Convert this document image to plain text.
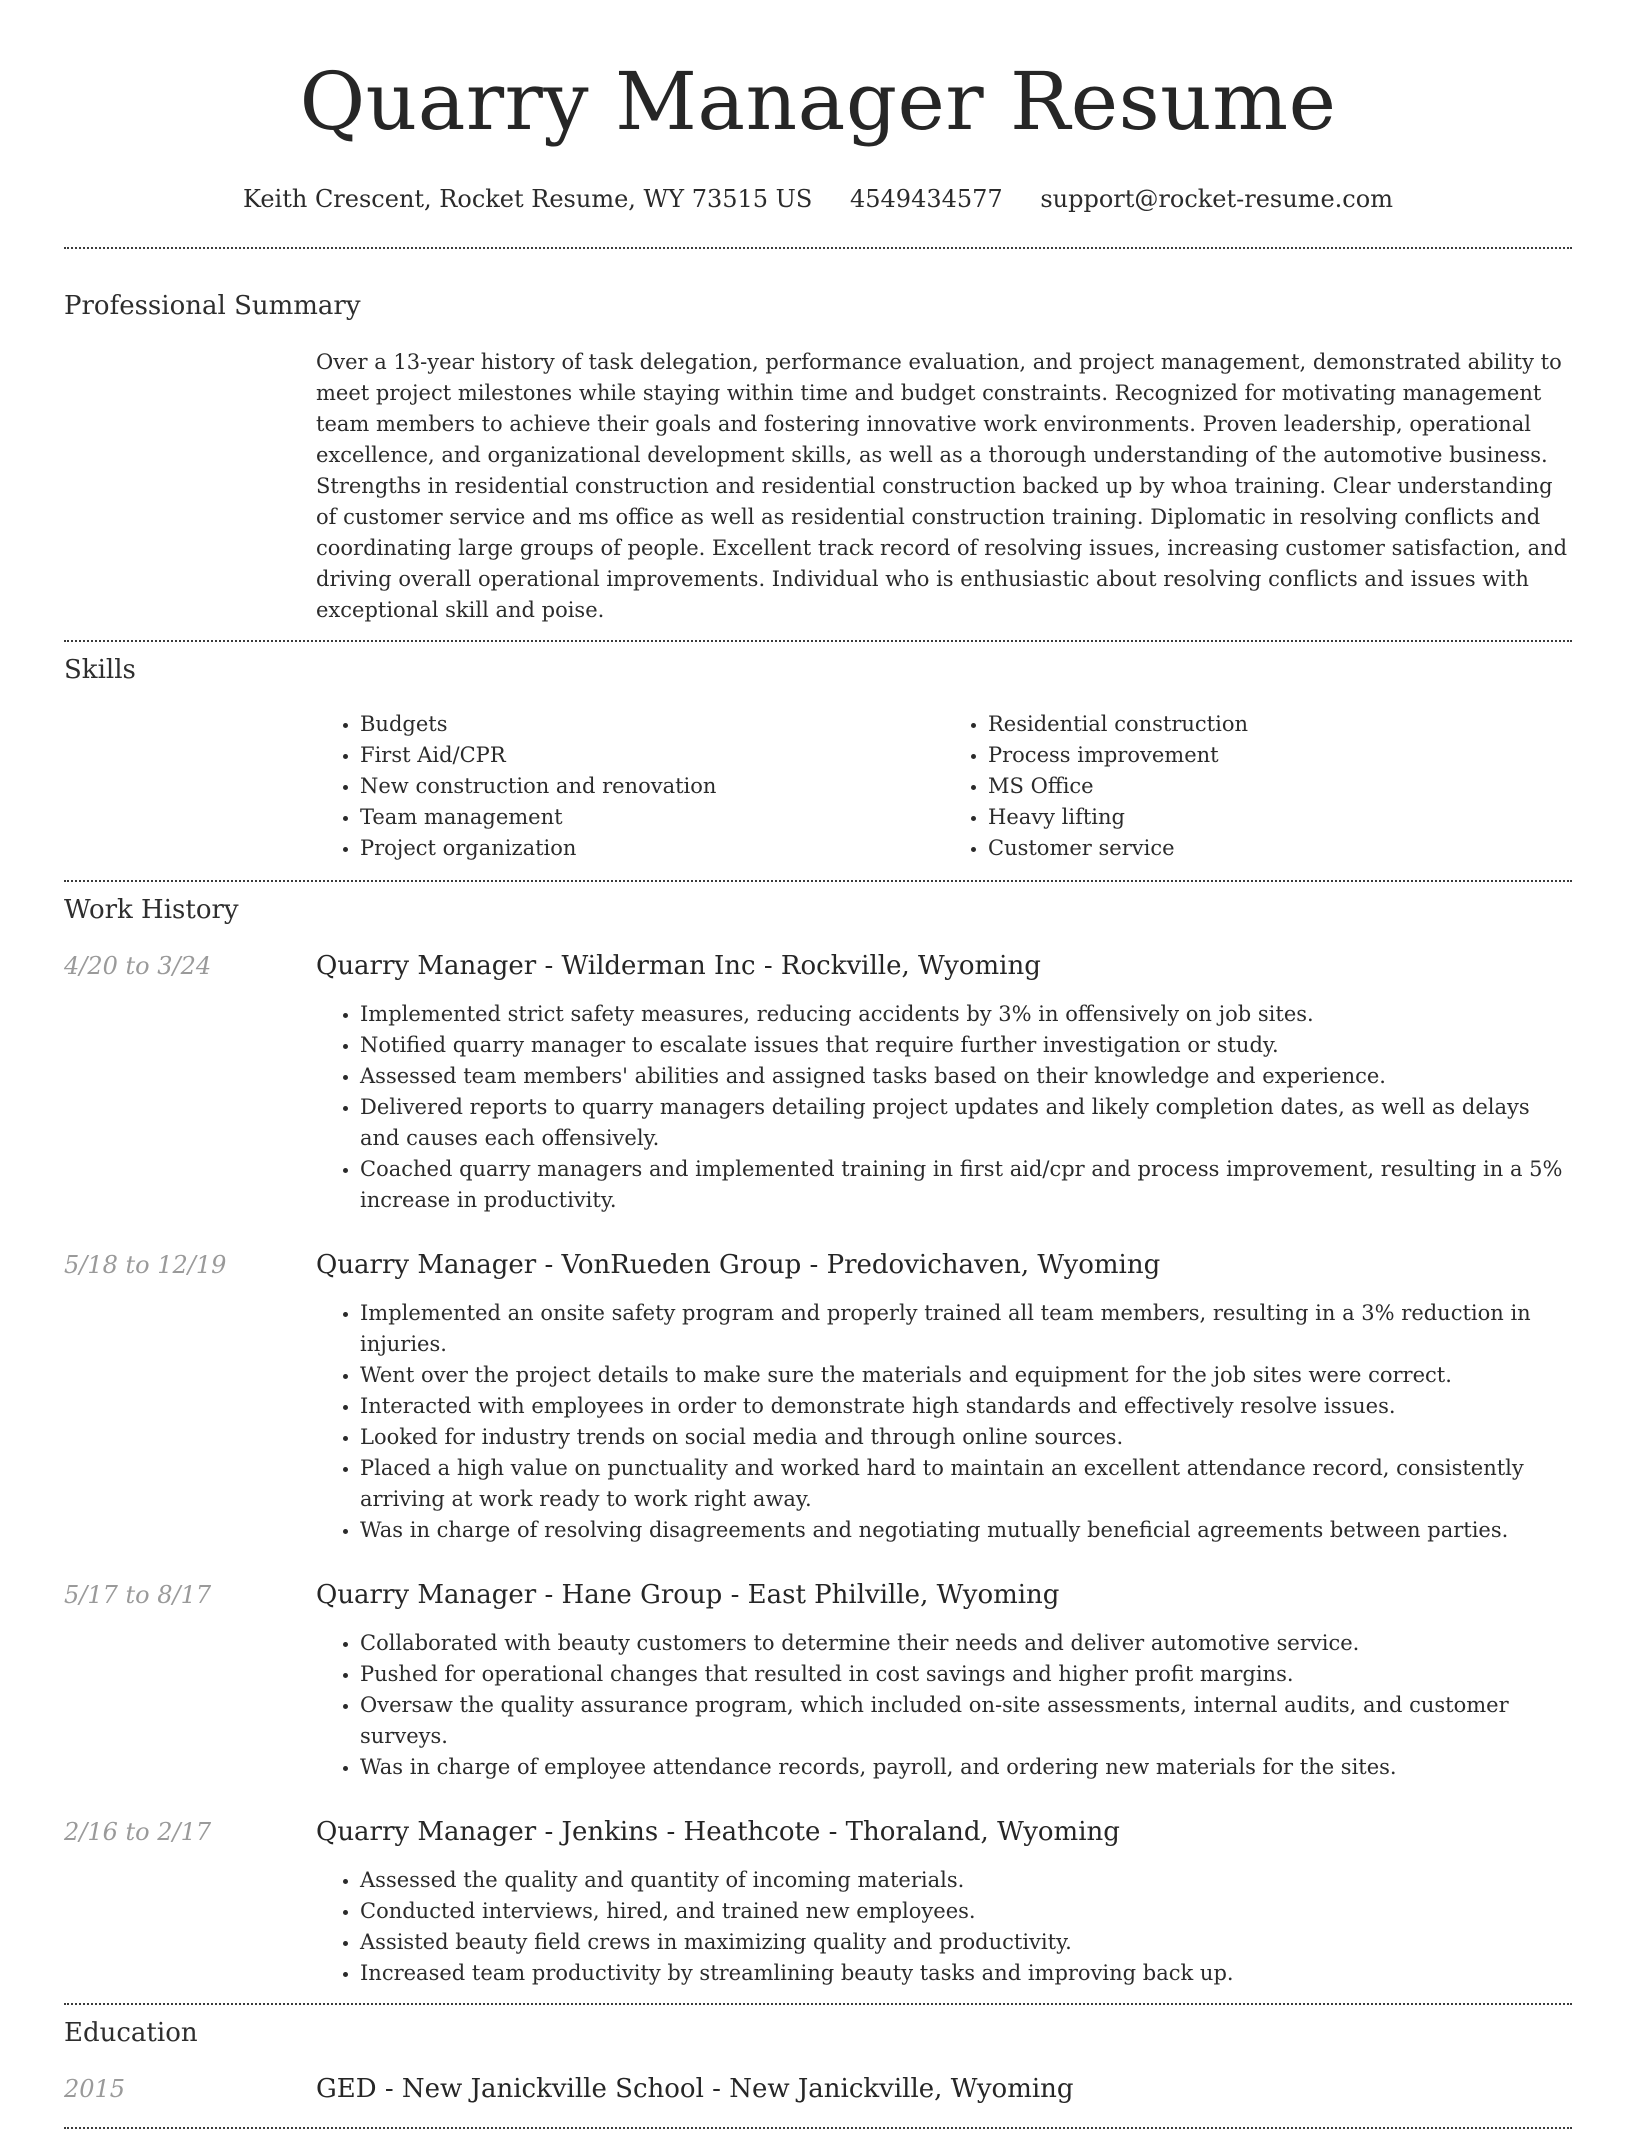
Quarry Manager Resume
Keith Crescent, Rocket Resume, WY 73515 US 4549434577 support@rocket-resume.com
Professional Summary
Over a 13-year history of task delegation, performance evaluation, and project management, demonstrated ability to meet project milestones while staying within time and budget constraints. Recognized for motivating management team members to achieve their goals and fostering innovative work environments. Proven leadership, operational excellence, and organizational development skills, as well as a thorough understanding of the automotive business. Strengths in residential construction and residential construction backed up by whoa training. Clear understanding of customer service and ms office as well as residential construction training. Diplomatic in resolving conflicts and coordinating large groups of people. Excellent track record of resolving issues, increasing customer satisfaction, and driving overall operational improvements. Individual who is enthusiastic about resolving conflicts and issues with exceptional skill and poise.
Skills
• Budgets
• First Aid/CPR
• New construction and renovation
• Team management
• Project organization
• Residential construction
• Process improvement
• MS Office
• Heavy lifting
• Customer service
Work History
4/20 to 3/24	Quarry Manager - Wilderman Inc - Rockville, Wyoming
• Implemented strict safety measures, reducing accidents by 3% in offensively on job sites.
• Notified quarry manager to escalate issues that require further investigation or study.
• Assessed team members' abilities and assigned tasks based on their knowledge and experience.
• Delivered reports to quarry managers detailing project updates and likely completion dates, as well as delays and causes each offensively.
• Coached quarry managers and implemented training in first aid/cpr and process improvement, resulting in a 5% increase in productivity.
5/18 to 12/19	Quarry Manager - VonRueden Group - Predovichaven, Wyoming
• Implemented an onsite safety program and properly trained all team members, resulting in a 3% reduction in injuries.
• Went over the project details to make sure the materials and equipment for the job sites were correct.
• Interacted with employees in order to demonstrate high standards and effectively resolve issues.
• Looked for industry trends on social media and through online sources.
• Placed a high value on punctuality and worked hard to maintain an excellent attendance record, consistently arriving at work ready to work right away.
• Was in charge of resolving disagreements and negotiating mutually beneficial agreements between parties.
5/17 to 8/17	Quarry Manager - Hane Group - East Philville, Wyoming
• Collaborated with beauty customers to determine their needs and deliver automotive service.
• Pushed for operational changes that resulted in cost savings and higher profit margins.
• Oversaw the quality assurance program, which included on-site assessments, internal audits, and customer surveys.
• Was in charge of employee attendance records, payroll, and ordering new materials for the sites.
2/16 to 2/17	Quarry Manager - Jenkins - Heathcote - Thoraland, Wyoming
• Assessed the quality and quantity of incoming materials.
• Conducted interviews, hired, and trained new employees.
• Assisted beauty field crews in maximizing quality and productivity.
• Increased team productivity by streamlining beauty tasks and improving back up.
Education
2015	GED - New Janickville School - New Janickville, Wyoming
